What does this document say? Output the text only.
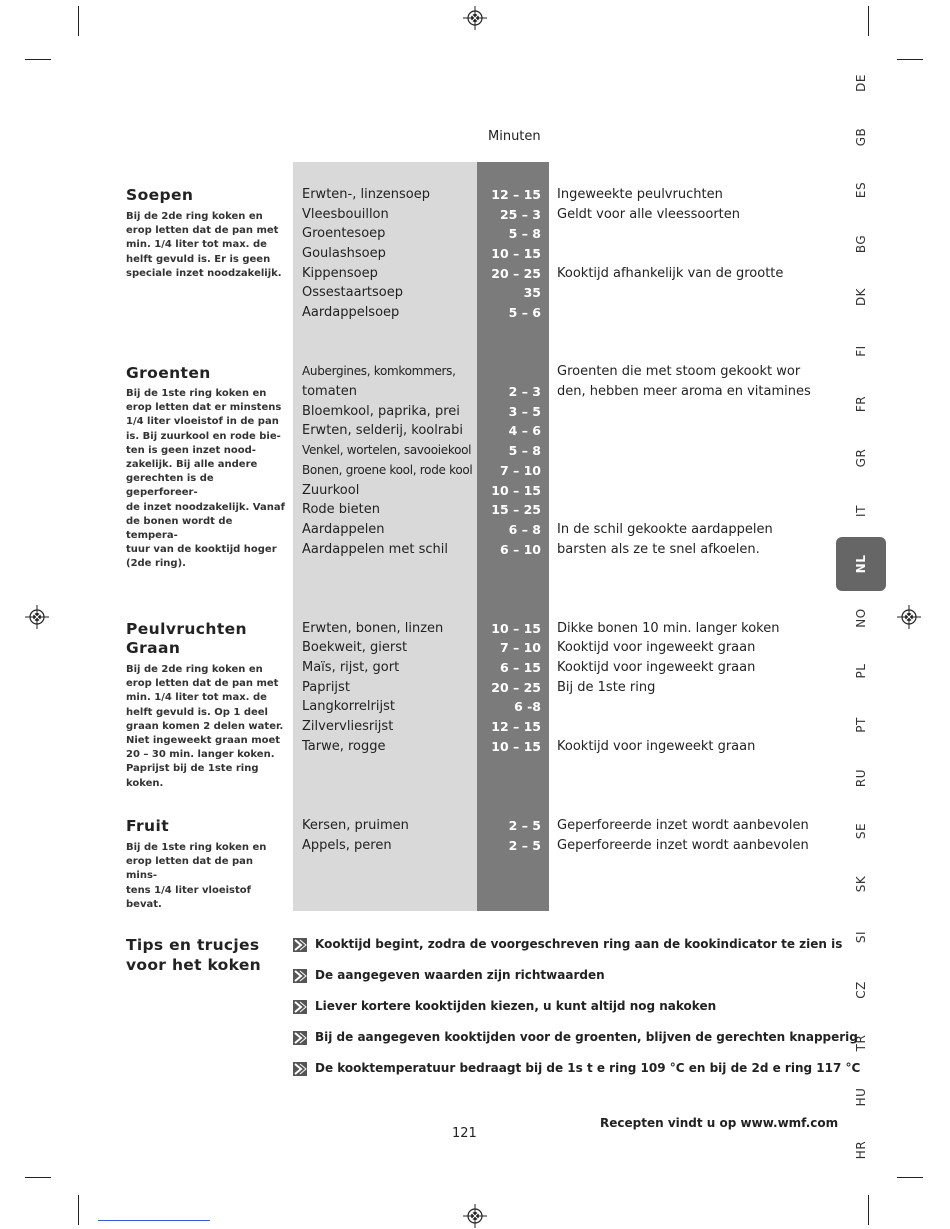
Minuten
Soepen
Bij de 2de ring koken en
erop letten dat de pan met
min. 1/4 liter tot max. de
helft gevuld is. Er is geen
speciale inzet noodzakelijk.
Erwten-, linzensoep	12 – 15 Ingeweekte peulvruchten
Vleesbouillon	25 – 3 Geldt voor alle vleessoorten
Groentesoep	5 – 8
Goulashsoep	10 – 15
Kippensoep	20 – 25 Kooktijd afhankelijk van de grootte
Ossestaartsoep	35
Aardappelsoep	5 – 6
Groenten
Bij de 1ste ring koken en
erop letten dat er minstens
1/4 liter vloeistof in de pan
is. Bij zuurkool en rode bie-
ten is geen inzet nood-
zakelijk. Bij alle andere
gerechten is de geperforeer-
de inzet noodzakelijk. Vanaf
de bonen wordt de tempera-
tuur van de kooktijd hoger
(2de ring).
Aubergines, komkommers,	Groenten die met stoom gekookt wor
tomaten	2 – 3 den, hebben meer aroma en vitamines
Bloemkool, paprika, prei	3 – 5
Erwten, selderij, koolrabi	4 – 6
Venkel, wortelen, savooiekool	5 – 8
Bonen, groene kool, rode kool	7 – 10
Zuurkool	10 – 15
Rode bieten	15 – 25
Aardappelen	6 – 8 In de schil gekookte aardappelen
Aardappelen met schil	6 – 10 barsten als ze te snel afkoelen.
Peulvruchten
Graan
Bij de 2de ring koken en
erop letten dat de pan met
min. 1/4 liter tot max. de
helft gevuld is. Op 1 deel
graan komen 2 delen water.
Niet ingeweekt graan moet
20 – 30 min. langer koken.
Paprijst bij de 1ste ring
koken.
Erwten, bonen, linzen	10 – 15 Dikke bonen 10 min. langer koken
Boekweit, gierst	7 – 10 Kooktijd voor ingeweekt graan
Maïs, rijst, gort	6 – 15 Kooktijd voor ingeweekt graan
Paprijst	20 – 25 Bij de 1ste ring
Langkorrelrijst	6 -8
Zilvervliesrijst	12 – 15
Tarwe, rogge	10 – 15 Kooktijd voor ingeweekt graan
Fruit
Bij de 1ste ring koken en
erop letten dat de pan mins-
tens 1/4 liter vloeistof bevat.
Kersen, pruimen	2 – 5 Geperforeerde inzet wordt aanbevolen
Appels, peren	2 – 5 Geperforeerde inzet wordt aanbevolen
Tips en trucjes
voor het koken
Kooktijd begint, zodra de voorgeschreven ring aan de kookindicator te zien is
De aangegeven waarden zijn richtwaarden
Liever kortere kooktijden kiezen, u kunt altijd nog nakoken
Bij de aangegeven kooktijden voor de groenten, blijven de gerechten knapperig
De kooktemperatuur bedraagt bij de 1s t e ring 109 °C en bij de 2d e ring 117 °C
DE
GB
ES
BG
DK
FI
FR
GR
IT
NL
NO
PL
PT
RU
SE
SK
SI
CZ
TR
HU
HR
Recepten vindt u op www.wmf.com
121
